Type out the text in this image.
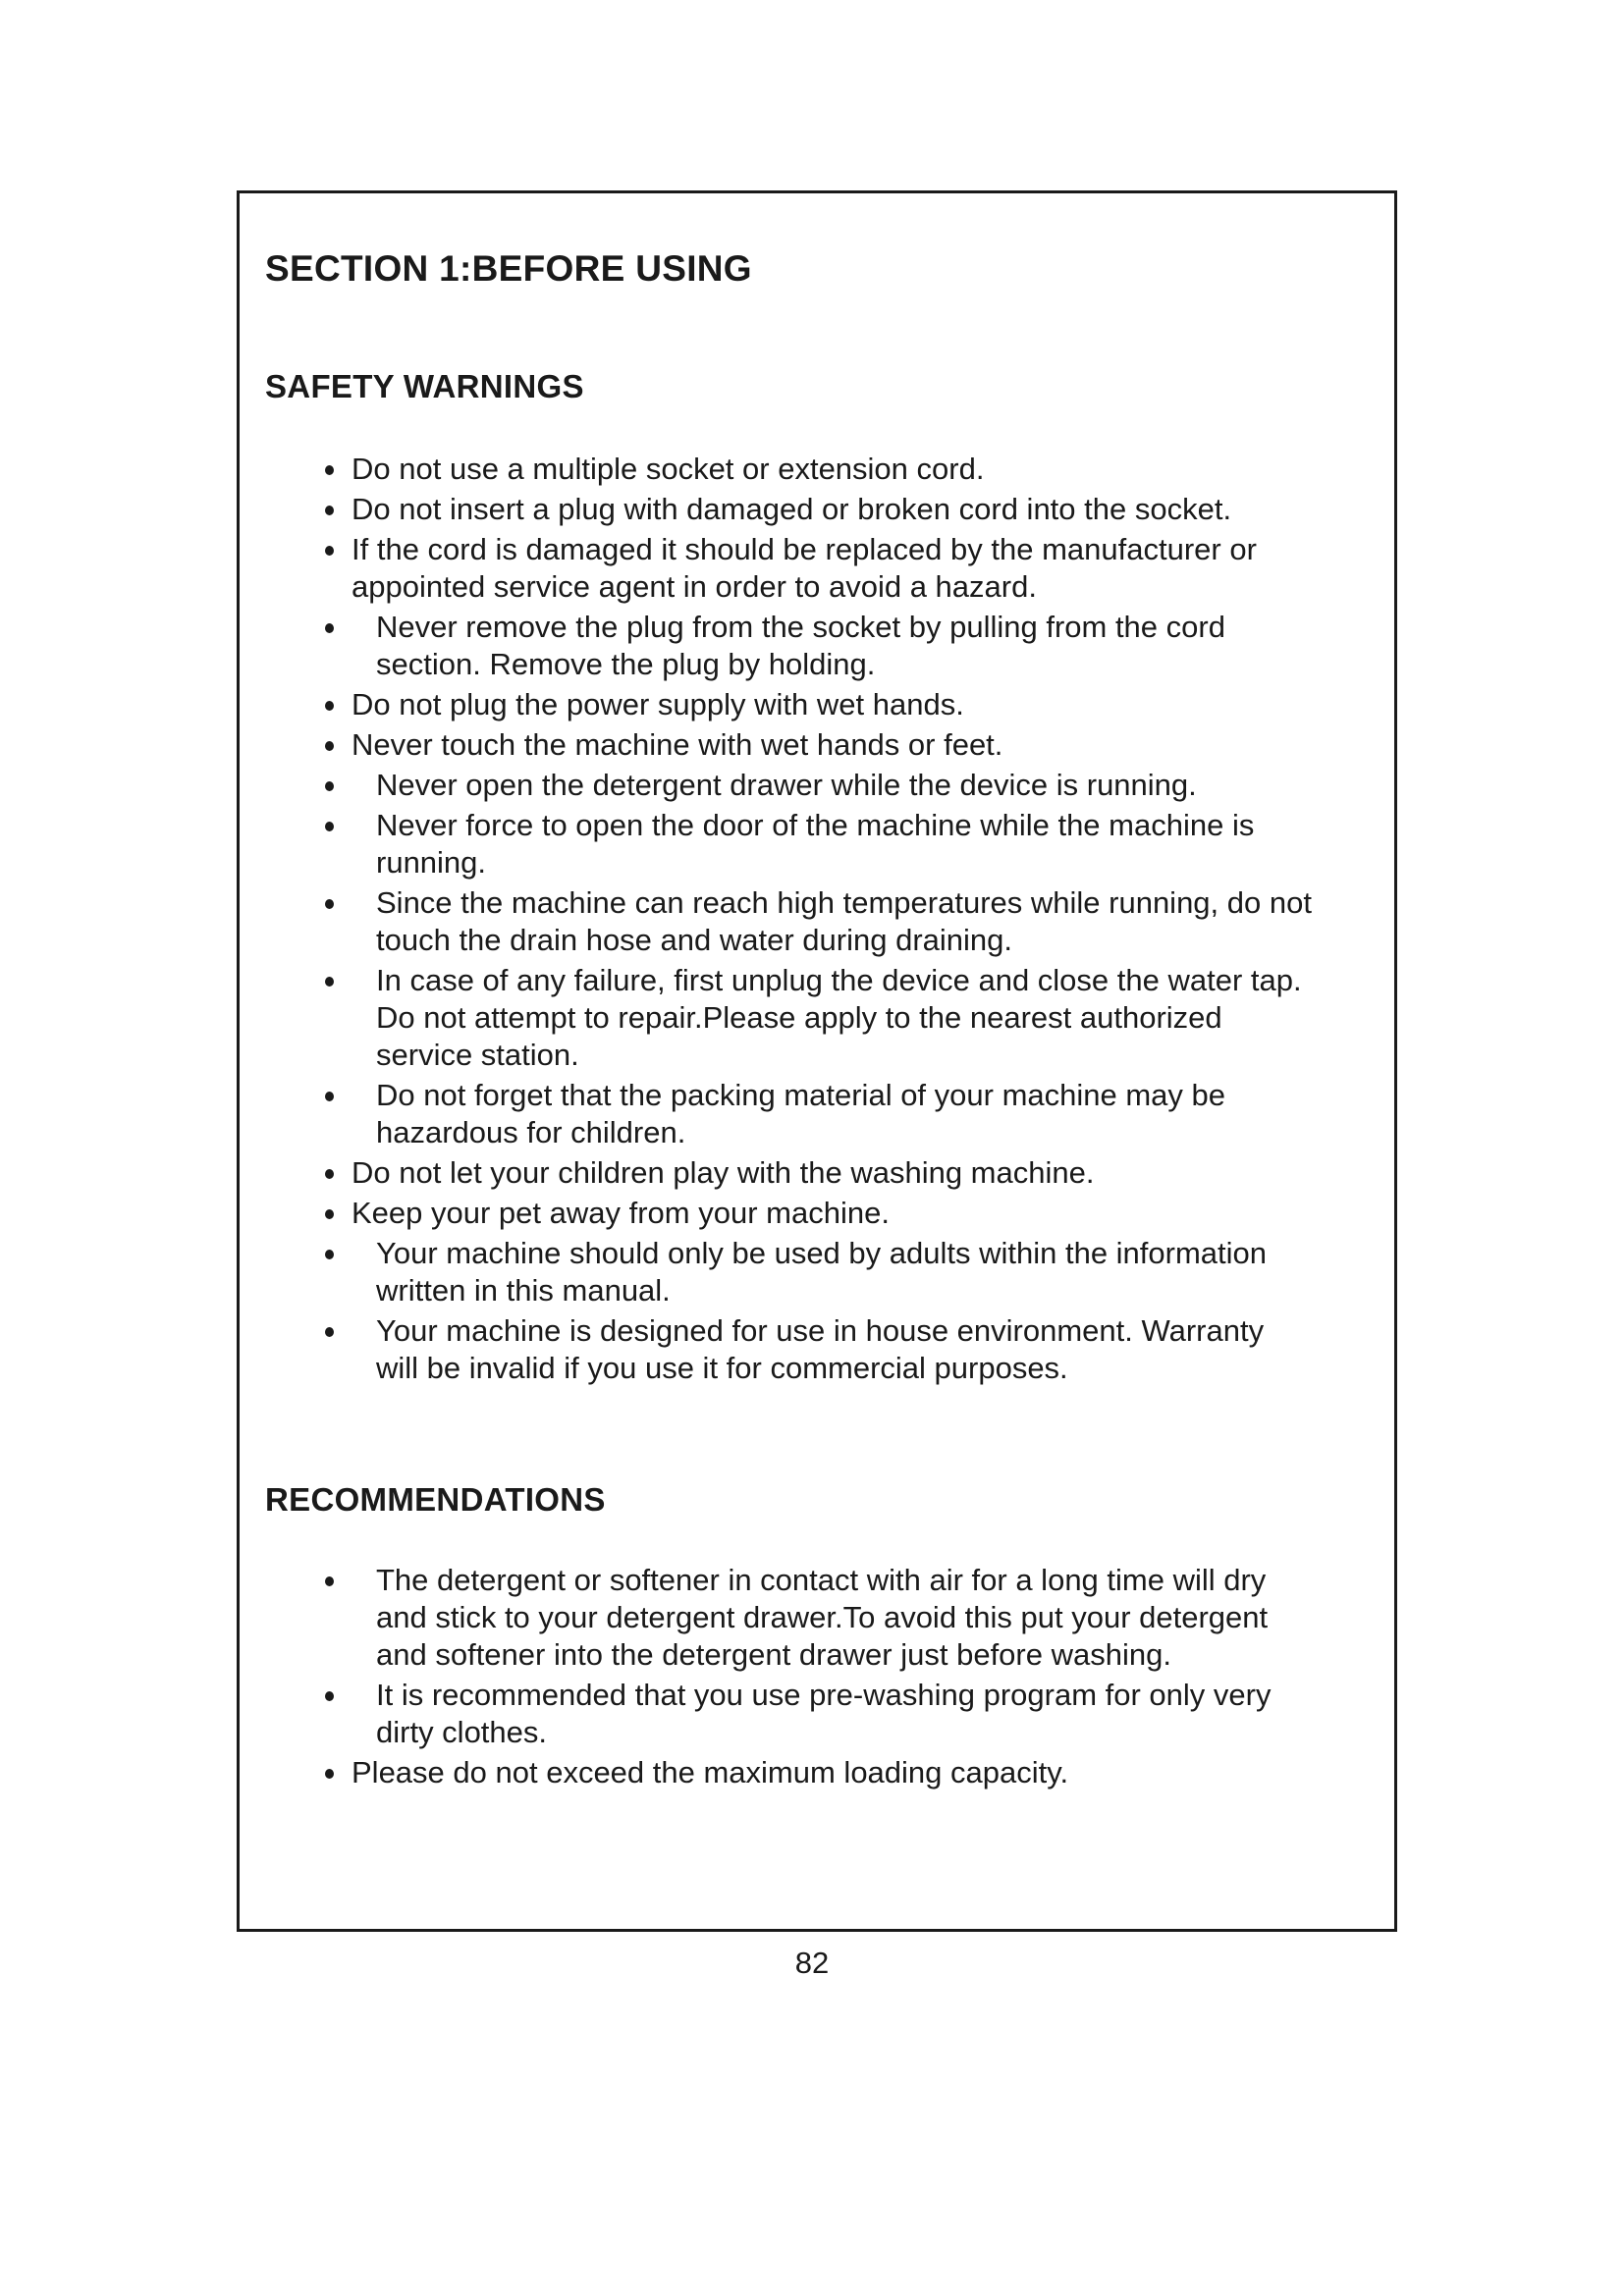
SECTION 1:BEFORE USING
SAFETY WARNINGS
Do not use a multiple socket or extension cord.
Do not insert a plug with damaged or broken cord into the socket.
If the cord is damaged it should be replaced by the manufacturer or
appointed service agent in order to avoid a hazard.
Never remove the plug from the socket by pulling from the cord
section. Remove the plug by holding.
Do not plug the power supply with wet hands.
Never touch the machine with wet hands or feet.
Never open the detergent drawer while the device is running.
Never force to open the door of the machine while the machine is
running.
Since the machine can reach high temperatures while running, do not
touch the drain hose and water during draining.
In case of any failure, first unplug the device and close the water tap.
Do not attempt to repair.Please apply to the nearest authorized
service station.
Do not forget that the packing material of your machine may be
hazardous for children.
Do not let your children play with the washing machine.
Keep your pet away from your machine.
Your machine should only be used by adults within the information
written in this manual.
Your machine is designed for use in house environment. Warranty
will be invalid if you use it for commercial purposes.
RECOMMENDATIONS
The detergent or softener in contact with air for a long time will dry
and stick to your detergent drawer.To avoid this put your detergent
and softener into the detergent drawer just before washing.
It is recommended that you use pre-washing program for only very
dirty clothes.
Please do not exceed the maximum loading capacity.

82
